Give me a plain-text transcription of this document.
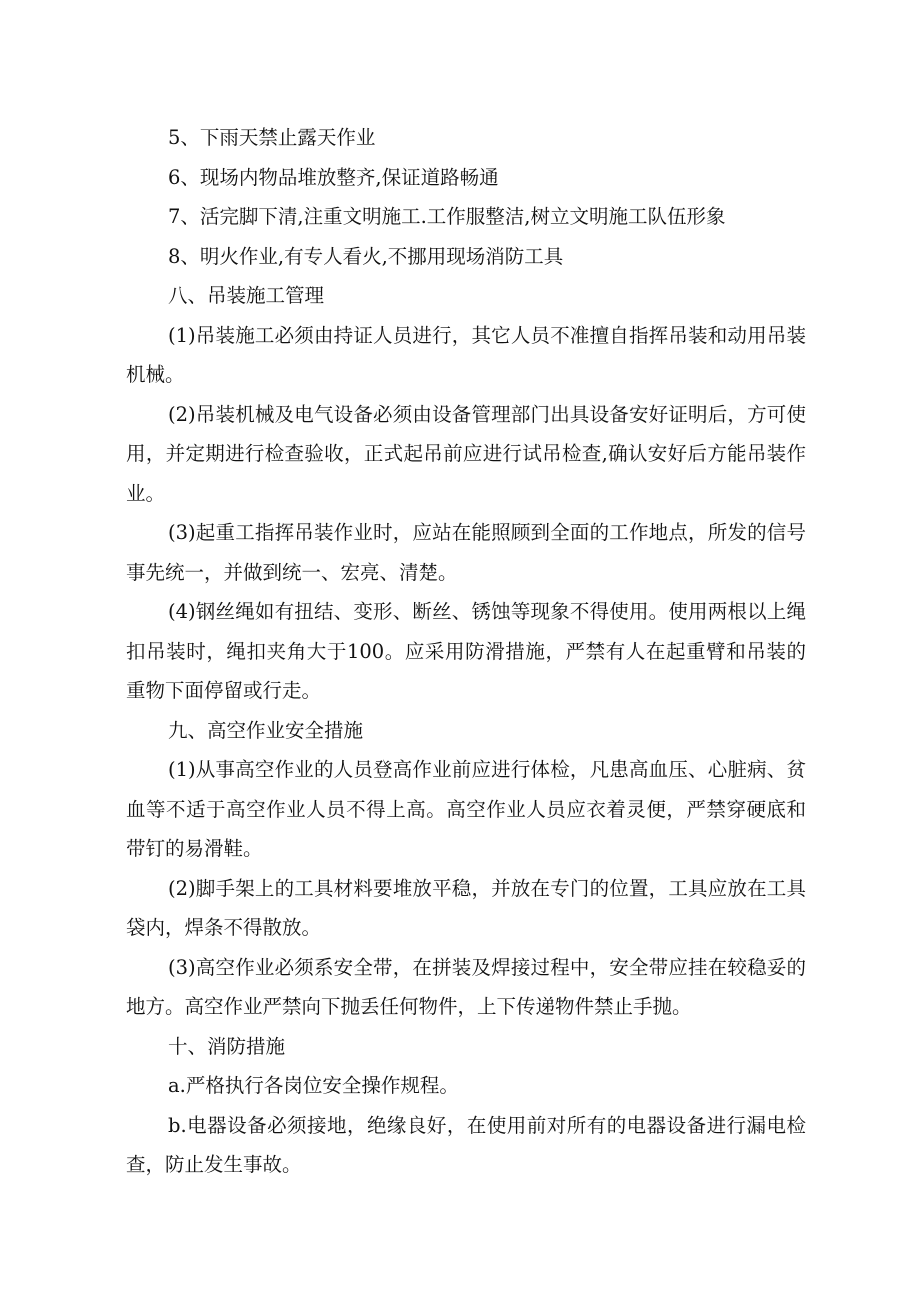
5、下雨天禁止露天作业

6、现场内物品堆放整齐,保证道路畅通

7、活完脚下清,注重文明施工.工作服整洁,树立文明施工队伍形象

8、明火作业,有专人看火,不挪用现场消防工具

八、吊装施工管理

(1)吊装施工必须由持证人员进行，其它人员不准擅自指挥吊装和动用吊装机械。

(2)吊装机械及电气设备必须由设备管理部门出具设备安好证明后，方可使用，并定期进行检查验收，正式起吊前应进行试吊检查,确认安好后方能吊装作业。

(3)起重工指挥吊装作业时，应站在能照顾到全面的工作地点，所发的信号事先统一，并做到统一、宏亮、清楚。

(4)钢丝绳如有扭结、变形、断丝、锈蚀等现象不得使用。使用两根以上绳扣吊装时，绳扣夹角大于100。应采用防滑措施，严禁有人在起重臂和吊装的重物下面停留或行走。

九、高空作业安全措施

(1)从事高空作业的人员登高作业前应进行体检，凡患高血压、心脏病、贫血等不适于高空作业人员不得上高。高空作业人员应衣着灵便，严禁穿硬底和带钉的易滑鞋。

(2)脚手架上的工具材料要堆放平稳，并放在专门的位置，工具应放在工具袋内，焊条不得散放。

(3)高空作业必须系安全带，在拼装及焊接过程中，安全带应挂在较稳妥的地方。高空作业严禁向下抛丢任何物件，上下传递物件禁止手抛。

十、消防措施

a.严格执行各岗位安全操作规程。

b.电器设备必须接地，绝缘良好，在使用前对所有的电器设备进行漏电检查，防止发生事故。
